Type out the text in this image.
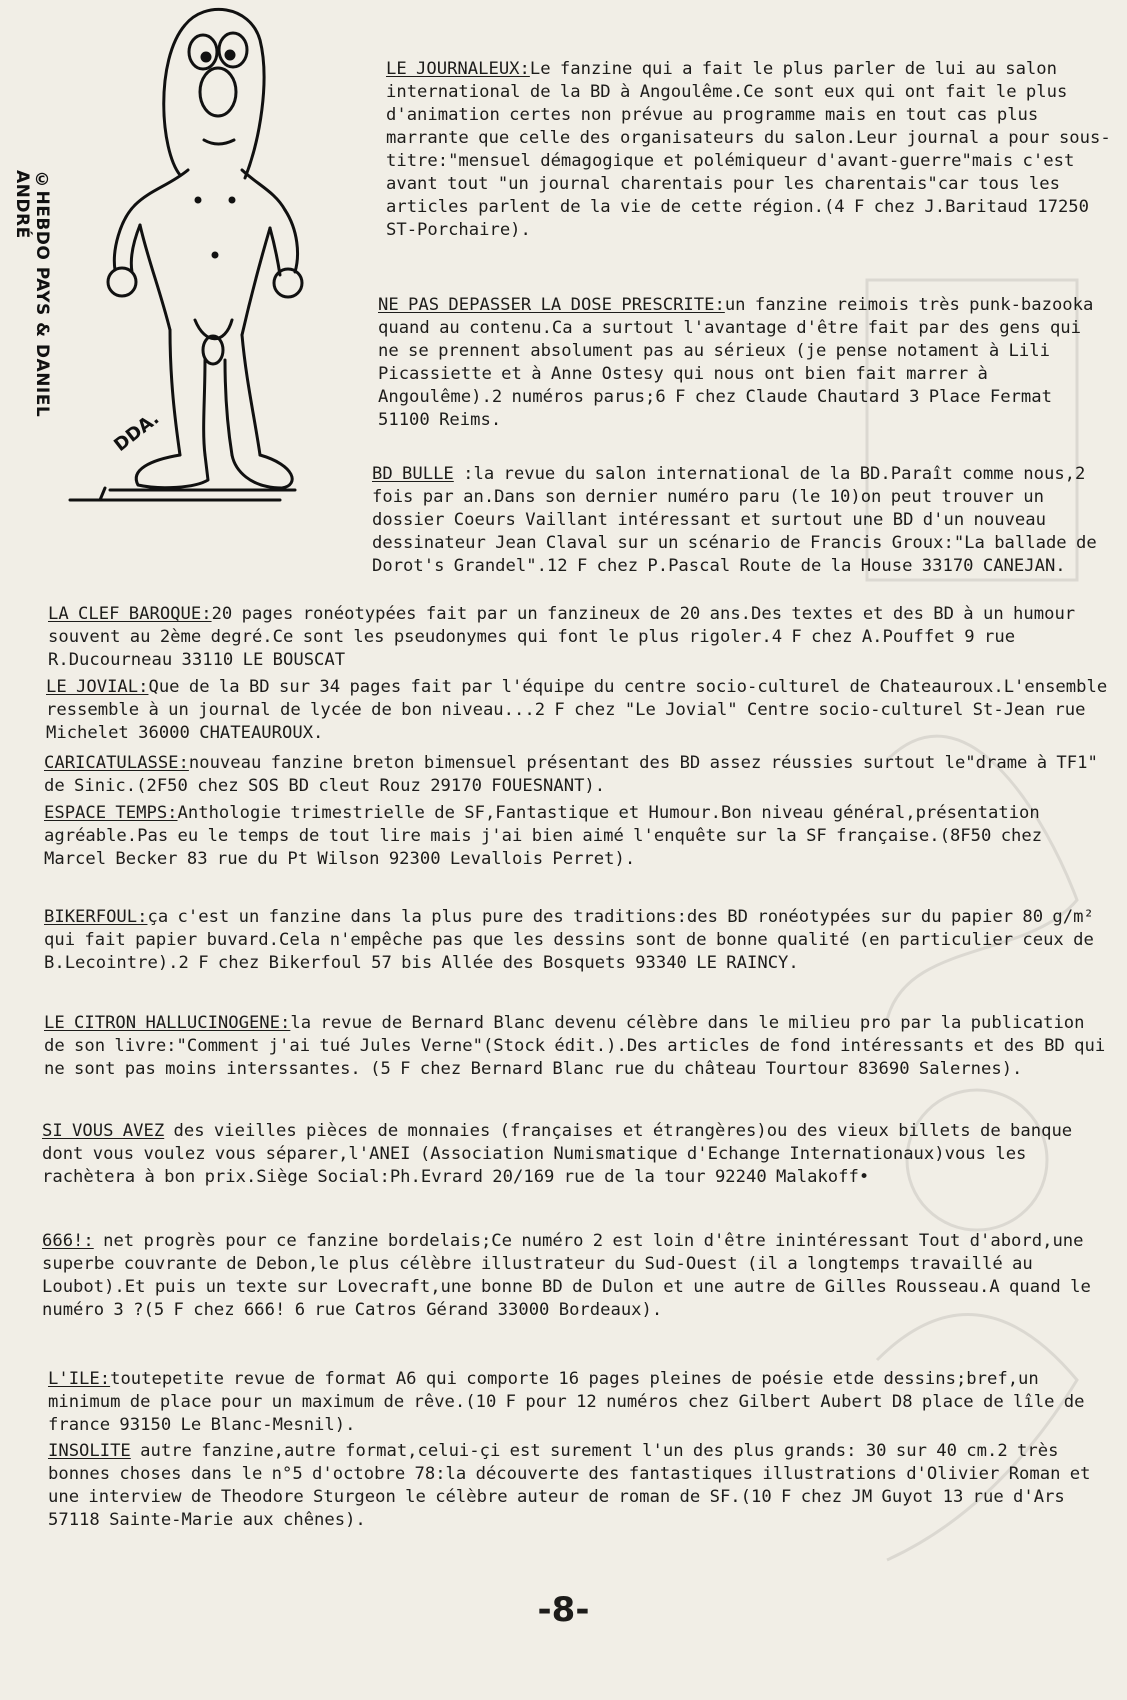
DDA.
©HEBDO PAYS & DANIEL ANDRÉ
LE JOURNALEUX:Le fanzine qui a fait le plus parler de lui au salon international de la BD à Angoulême.Ce sont eux qui ont fait le plus d'animation certes non prévue au programme mais en tout cas plus marrante que celle des organisateurs du salon.Leur journal a pour sous-titre:"mensuel démagogique et polémiqueur d'avant-guerre"mais c'est avant tout "un journal charentais pour les charentais"car tous les articles parlent de la vie de cette région.(4 F chez J.Baritaud 17250 ST-Porchaire).
NE PAS DEPASSER LA DOSE PRESCRITE:un fanzine reimois très punk-bazooka quand au contenu.Ca a surtout l'avantage d'être fait par des gens qui ne se prennent absolument pas au sérieux (je pense notament à Lili Picassiette et à Anne Ostesy qui nous ont bien fait marrer à Angoulême).2 numéros parus;6 F chez Claude Chautard 3 Place Fermat 51100 Reims.
BD BULLE :la revue du salon international de la BD.Paraît comme nous,2 fois par an.Dans son dernier numéro paru (le 10)on peut trouver un dossier Coeurs Vaillant intéressant et surtout une BD d'un nouveau dessinateur Jean Claval sur un scénario de Francis Groux:"La ballade de Dorot's Grandel".12 F chez P.Pascal Route de la House 33170 CANEJAN.
LA CLEF BAROQUE:20 pages ronéotypées fait par un fanzineux de 20 ans.Des textes et des BD à un humour souvent au 2ème degré.Ce sont les pseudonymes qui font le plus rigoler.4 F chez A.Pouffet 9 rue R.Ducourneau 33110 LE BOUSCAT
LE JOVIAL:Que de la BD sur 34 pages fait par l'équipe du centre socio-culturel de Chateauroux.L'ensemble ressemble à un journal de lycée de bon niveau...2 F chez "Le Jovial" Centre socio-culturel St-Jean rue Michelet 36000 CHATEAUROUX.
CARICATULASSE:nouveau fanzine breton bimensuel présentant des BD assez réussies surtout le"drame à TF1" de Sinic.(2F50 chez SOS BD cleut Rouz 29170 FOUESNANT).
ESPACE TEMPS:Anthologie trimestrielle de SF,Fantastique et Humour.Bon niveau général,présentation agréable.Pas eu le temps de tout lire mais j'ai bien aimé l'enquête sur la SF française.(8F50 chez Marcel Becker 83 rue du Pt Wilson 92300 Levallois Perret).
BIKERFOUL:ça c'est un fanzine dans la plus pure des traditions:des BD ronéotypées sur du papier 80 g/m² qui fait papier buvard.Cela n'empêche pas que les dessins sont de bonne qualité (en particulier ceux de B.Lecointre).2 F chez Bikerfoul 57 bis Allée des Bosquets 93340 LE RAINCY.
LE CITRON HALLUCINOGENE:la revue de Bernard Blanc devenu célèbre dans le milieu pro par la publication de son livre:"Comment j'ai tué Jules Verne"(Stock édit.).Des articles de fond intéressants et des BD qui ne sont pas moins interssantes. (5 F chez Bernard Blanc rue du château Tourtour 83690 Salernes).
SI VOUS AVEZ des vieilles pièces de monnaies (françaises et étrangères)ou des vieux billets de banque dont vous voulez vous séparer,l'ANEI (Association Numismatique d'Echange Internationaux)vous les rachètera à bon prix.Siège Social:Ph.Evrard 20/169 rue de la tour 92240 Malakoff•
666!: net progrès pour ce fanzine bordelais;Ce numéro 2 est loin d'être inintéressant Tout d'abord,une superbe couvrante de Debon,le plus célèbre illustrateur du Sud-Ouest (il a longtemps travaillé au Loubot).Et puis un texte sur Lovecraft,une bonne BD de Dulon et une autre de Gilles Rousseau.A quand le numéro 3 ?(5 F chez 666! 6 rue Catros Gérand 33000 Bordeaux).
L'ILE:toutepetite revue de format A6 qui comporte 16 pages pleines de poésie etde dessins;bref,un minimum de place pour un maximum de rêve.(10 F pour 12 numéros chez Gilbert Aubert D8 place de lîle de france 93150 Le Blanc-Mesnil).
INSOLITE autre fanzine,autre format,celui-çi est surement l'un des plus grands: 30 sur 40 cm.2 très bonnes choses dans le n°5 d'octobre 78:la découverte des fantastiques illustrations d'Olivier Roman et une interview de Theodore Sturgeon le célèbre auteur de roman de SF.(10 F chez JM Guyot 13 rue d'Ars 57118 Sainte-Marie aux chênes).
-8-
